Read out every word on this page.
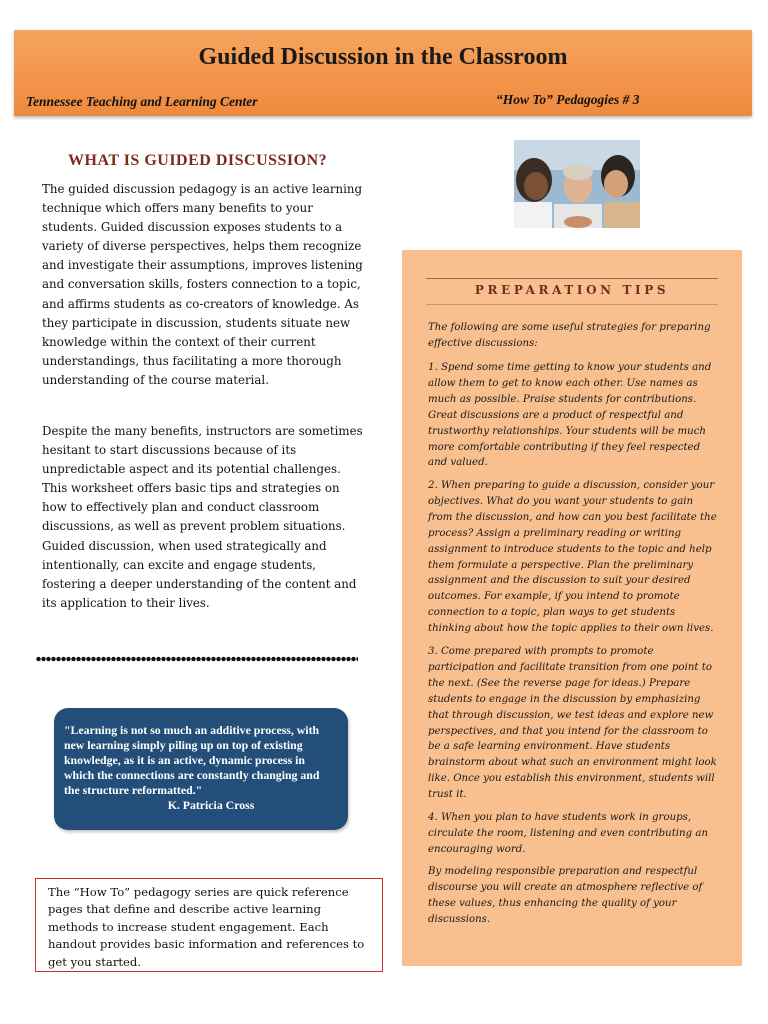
Guided Discussion in the Classroom
Tennessee Teaching and Learning Center	“How To” Pedagogies # 3
WHAT IS GUIDED DISCUSSION?

The guided discussion pedagogy is an active learning technique which offers many benefits to your students. Guided discussion exposes students to a variety of diverse perspectives, helps them recognize and investigate their assumptions, improves listening and conversation skills, fosters connection to a topic, and affirms students as co-creators of knowledge. As they participate in discussion, students situate new knowledge within the context of their current understandings, thus facilitating a more thorough understanding of the course material.

Despite the many benefits, instructors are sometimes hesitant to start discussions because of its unpredictable aspect and its potential challenges. This worksheet offers basic tips and strategies on how to effectively plan and conduct classroom discussions, as well as prevent problem situations. Guided discussion, when used strategically and intentionally, can excite and engage students, fostering a deeper understanding of the content and its application to their lives.

"Learning is not so much an additive process, with new learning simply piling up on top of existing knowledge, as it is an active, dynamic process in which the connections are constantly changing and the structure reformatted."
K. Patricia Cross
The “How To” pedagogy series are quick reference pages that define and describe active learning methods to increase student engagement. Each handout provides basic information and references to get you started.
PREPARATION TIPS

The following are some useful strategies for preparing effective discussions:

1. Spend some time getting to know your students and allow them to get to know each other. Use names as much as possible. Praise students for contributions. Great discussions are a product of respectful and trustworthy relationships. Your students will be much more comfortable contributing if they feel respected and valued.

2. When preparing to guide a discussion, consider your objectives. What do you want your students to gain from the discussion, and how can you best facilitate the process? Assign a preliminary reading or writing assignment to introduce students to the topic and help them formulate a perspective. Plan the preliminary assignment and the discussion to suit your desired outcomes. For example, if you intend to promote connection to a topic, plan ways to get students thinking about how the topic applies to their own lives.

3. Come prepared with prompts to promote participation and facilitate transition from one point to the next. (See the reverse page for ideas.) Prepare students to engage in the discussion by emphasizing that through discussion, we test ideas and explore new perspectives, and that you intend for the classroom to be a safe learning environment. Have students brainstorm about what such an environment might look like. Once you establish this environment, students will trust it.

4. When you plan to have students work in groups, circulate the room, listening and even contributing an encouraging word.

By modeling responsible preparation and respectful discourse you will create an atmosphere reflective of these values, thus enhancing the quality of your discussions.
